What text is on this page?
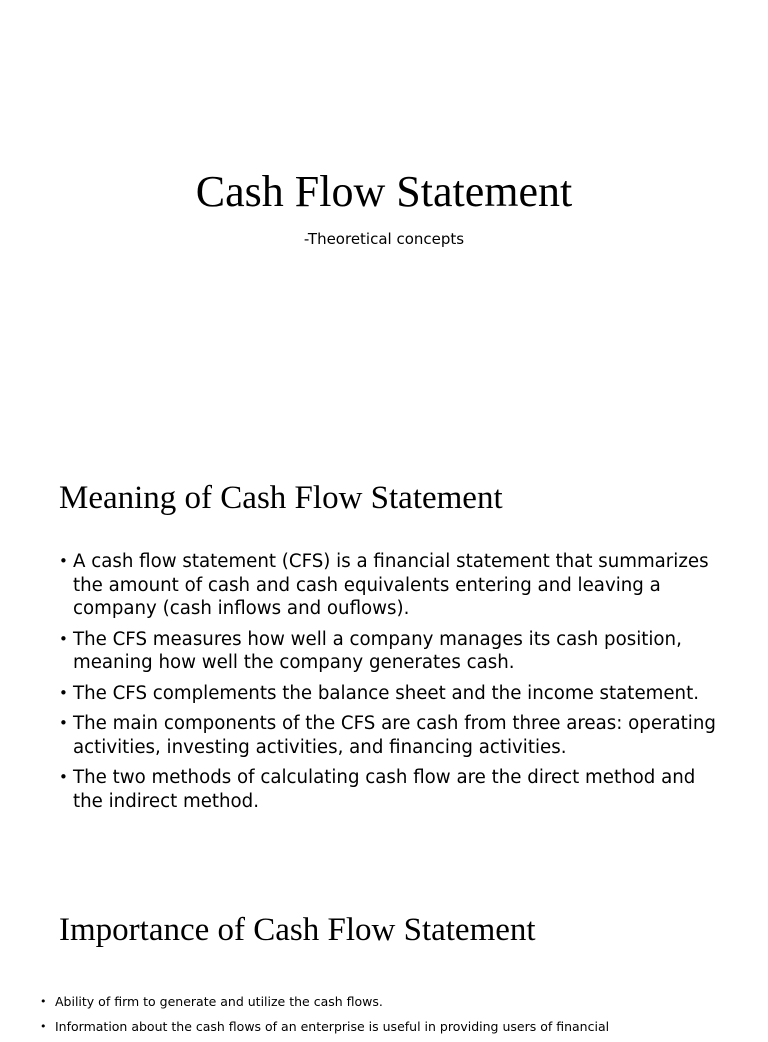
Cash Flow Statement

-Theoretical concepts

Meaning of Cash Flow Statement
• A cash flow statement (CFS) is a financial statement that summarizes the amount of cash and cash equivalents entering and leaving a company (cash inflows and ouflows).
• The CFS measures how well a company manages its cash position, meaning how well the company generates cash.
• The CFS complements the balance sheet and the income statement.
• The main components of the CFS are cash from three areas: operating activities, investing activities, and financing activities.
• The two methods of calculating cash flow are the direct method and the indirect method.
Importance of Cash Flow Statement
• Ability of firm to generate and utilize the cash flows.
• Information about the cash flows of an enterprise is useful in providing users of financial
